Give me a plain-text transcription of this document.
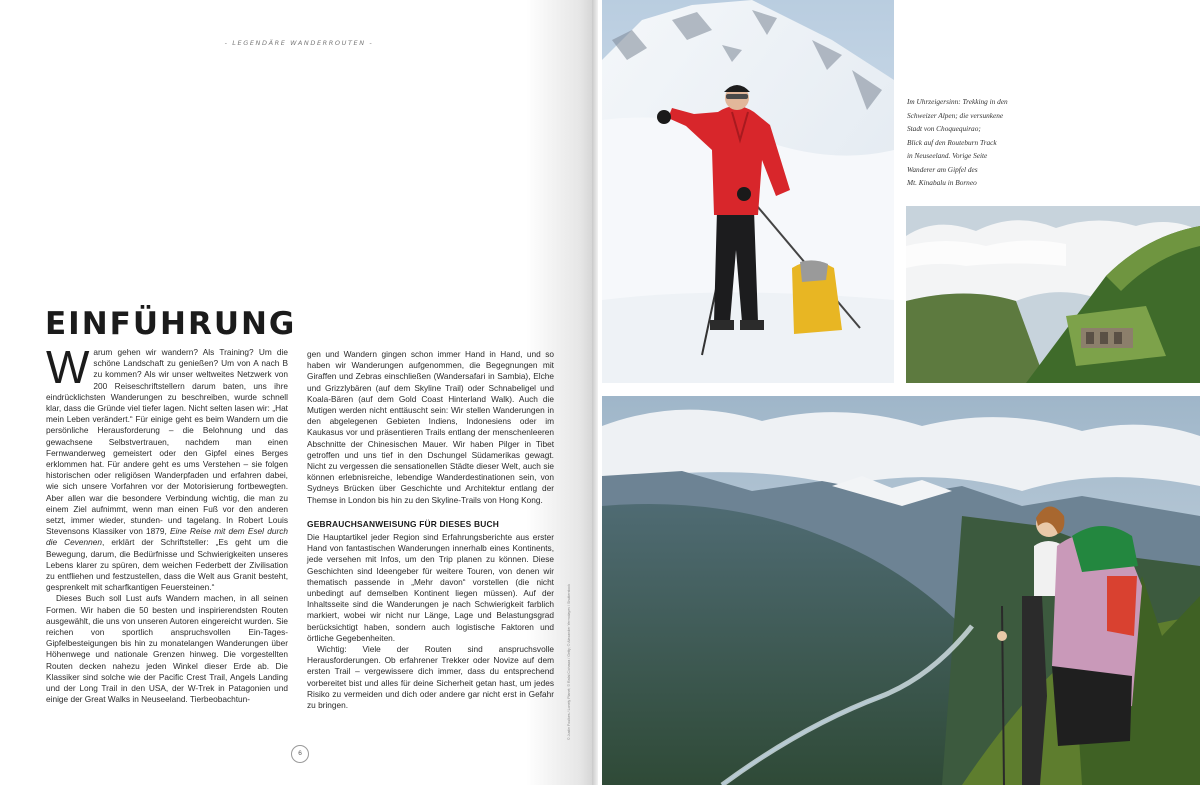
- LEGENDÄRE WANDERROUTEN -
EINFÜHRUNG

Warum gehen wir wandern? Als Training? Um die schöne Landschaft zu genießen? Um von A nach B zu kommen? Als wir unser weltweites Netzwerk von 200 Reiseschriftstellern darum baten, uns ihre eindrücklichsten Wanderungen zu beschreiben, wurde schnell klar, dass die Gründe viel tiefer lagen. Nicht selten lasen wir: „Hat mein Leben verändert.“ Für einige geht es beim Wandern um die persönliche Herausforderung – die Belohnung und das gewachsene Selbstvertrauen, nachdem man einen Fernwanderweg gemeistert oder den Gipfel eines Berges erklommen hat. Für andere geht es ums Verstehen – sie folgen historischen oder religiösen Wanderpfaden und erfahren dabei, wie sich unsere Vorfahren vor der Motorisierung fortbewegten. Aber allen war die besondere Verbindung wichtig, die man zu einem Ziel aufnimmt, wenn man einen Fuß vor den anderen setzt, immer wieder, stunden- und tagelang. In Robert Louis Stevensons Klassiker von 1879, Eine Reise mit dem Esel durch die Cevennen, erklärt der Schriftsteller: „Es geht um die Bewegung, darum, die Bedürfnisse und Schwierigkeiten unseres Lebens klarer zu spüren, dem weichen Federbett der Zivilisation zu entfliehen und festzustellen, dass die Welt aus Granit besteht, gesprenkelt mit scharfkantigen Feuersteinen.“

Dieses Buch soll Lust aufs Wandern machen, in all seinen Formen. Wir haben die 50 besten und inspirierendsten Routen ausgewählt, die uns von unseren Autoren eingereicht wurden. Sie reichen von sportlich anspruchsvollen Ein-Tages-Gipfelbesteigungen bis hin zu monatelangen Wanderungen über Höhenwege und nationale Grenzen hinweg. Die vorgestellten Routen decken nahezu jeden Winkel dieser Erde ab. Die Klassiker sind solche wie der Pacific Crest Trail, Angels Landing und der Long Trail in den USA, der W-Trek in Patagonien und einige der Great Walks in Neuseeland. Tierbeobachtun-

gen und Wandern gingen schon immer Hand in Hand, und so haben wir Wanderungen aufgenommen, die Begegnungen mit Giraffen und Zebras einschließen (Wandersafari in Sambia), Elche und Grizzlybären (auf dem Skyline Trail) oder Schnabeligel und Koala-Bären (auf dem Gold Coast Hinterland Walk). Auch die Mutigen werden nicht enttäuscht sein: Wir stellen Wanderungen in den abgelegenen Gebieten Indiens, Indonesiens oder im Kaukasus vor und präsentieren Trails entlang der menschenleeren Abschnitte der Chinesischen Mauer. Wir haben Pilger in Tibet getroffen und uns tief in den Dschungel Südamerikas gewagt. Nicht zu vergessen die sensationellen Städte dieser Welt, auch sie können erlebnisreiche, lebendige Wanderdestinationen sein, von Sydneys Brücken über Geschichte und Architektur entlang der Themse in London bis hin zu den Skyline-Trails von Hong Kong.

GEBRAUCHSANWEISUNG FÜR DIESES BUCH

Die Hauptartikel jeder Region sind Erfahrungsberichte aus erster Hand von fantastischen Wanderungen innerhalb eines Kontinents, jede versehen mit Infos, um den Trip planen zu können. Diese Geschichten sind Ideengeber für weitere Touren, von denen wir thematisch passende in „Mehr davon“ vorstellen (die nicht unbedingt auf demselben Kontinent liegen müssen). Auf der Inhaltsseite sind die Wanderungen je nach Schwierigkeit farblich markiert, wobei wir nicht nur Länge, Lage und Belastungsgrad berücksichtigt haben, sondern auch logistische Faktoren und örtliche Gegebenheiten.

Wichtig: Viele der Routen sind anspruchsvolle Herausforderungen. Ob erfahrener Trekker oder Novize auf dem ersten Trail – vergewissere dich immer, dass du entsprechend vorbereitet bist und alles für deine Sicherheit getan hast, um jedes Risiko zu vermeiden und dich oder andere gar nicht erst in Gefahr zu bringen.

6
© Justin Foulkes / Lonely Planet; © Rafal Cichawa / Getty; © Alexander Yermolayev / Shutterstock
Im Uhrzeigersinn: Trekking in den
Schweizer Alpen; die versunkene
Stadt von Choquequirao;
Blick auf den Routeburn Track
in Neuseeland. Vorige Seite
Wanderer am Gipfel des
Mt. Kinabalu in Borneo
